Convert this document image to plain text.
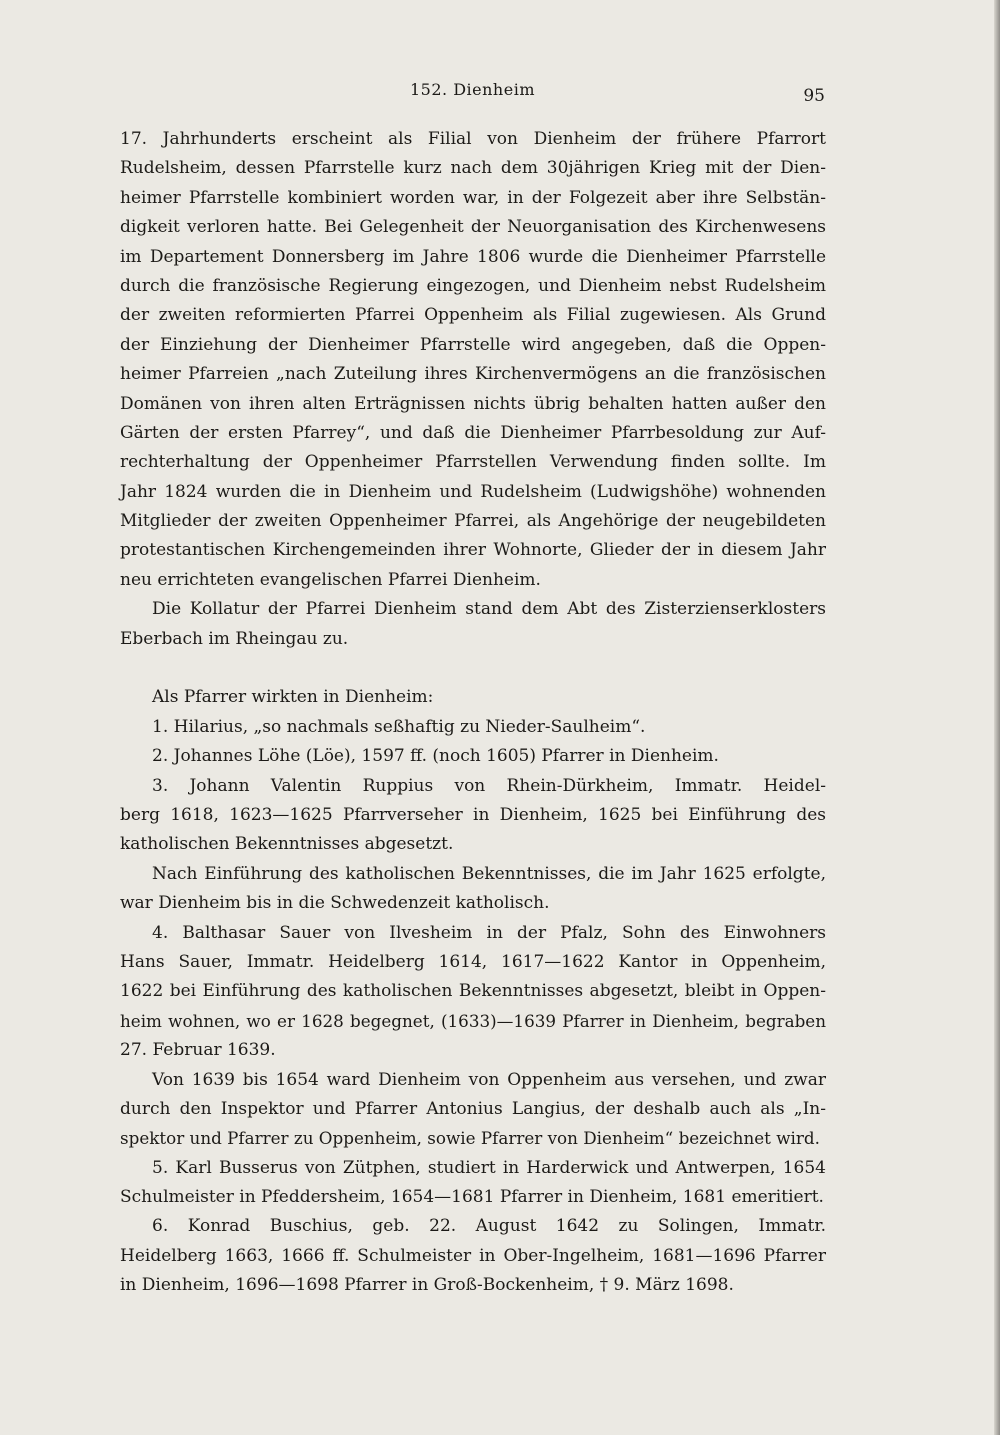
152. Dienheim	95
17. Jahrhunderts erscheint als Filial von Dienheim der frühere Pfarrort
Rudelsheim, dessen Pfarrstelle kurz nach dem 30jährigen Krieg mit der Dien-
heimer Pfarrstelle kombiniert worden war, in der Folgezeit aber ihre Selbstän-
digkeit verloren hatte. Bei Gelegenheit der Neuorganisation des Kirchenwesens
im Departement Donnersberg im Jahre 1806 wurde die Dienheimer Pfarrstelle
durch die französische Regierung eingezogen, und Dienheim nebst Rudelsheim
der zweiten reformierten Pfarrei Oppenheim als Filial zugewiesen. Als Grund
der Einziehung der Dienheimer Pfarrstelle wird angegeben, daß die Oppen-
heimer Pfarreien „nach Zuteilung ihres Kirchenvermögens an die französischen
Domänen von ihren alten Erträgnissen nichts übrig behalten hatten außer den
Gärten der ersten Pfarrey“, und daß die Dienheimer Pfarrbesoldung zur Auf-
rechterhaltung der Oppenheimer Pfarrstellen Verwendung finden sollte. Im
Jahr 1824 wurden die in Dienheim und Rudelsheim (Ludwigshöhe) wohnenden
Mitglieder der zweiten Oppenheimer Pfarrei, als Angehörige der neugebildeten
protestantischen Kirchengemeinden ihrer Wohnorte, Glieder der in diesem Jahr
neu errichteten evangelischen Pfarrei Dienheim.
Die Kollatur der Pfarrei Dienheim stand dem Abt des Zisterzienserklosters
Eberbach im Rheingau zu.
Als Pfarrer wirkten in Dienheim:
1. Hilarius, „so nachmals seßhaftig zu Nieder-Saulheim“.
2. Johannes Löhe (Löe), 1597 ff. (noch 1605) Pfarrer in Dienheim.
3. Johann Valentin Ruppius von Rhein-Dürkheim, Immatr. Heidel-
berg 1618, 1623—1625 Pfarrverseher in Dienheim, 1625 bei Einführung des
katholischen Bekenntnisses abgesetzt.
Nach Einführung des katholischen Bekenntnisses, die im Jahr 1625 erfolgte,
war Dienheim bis in die Schwedenzeit katholisch.
4. Balthasar Sauer von Ilvesheim in der Pfalz, Sohn des Einwohners
Hans Sauer, Immatr. Heidelberg 1614, 1617—1622 Kantor in Oppenheim,
1622 bei Einführung des katholischen Bekenntnisses abgesetzt, bleibt in Oppen-
heim wohnen, wo er 1628 begegnet, (1633)—1639 Pfarrer in Dienheim, begraben
27. Februar 1639.
Von 1639 bis 1654 ward Dienheim von Oppenheim aus versehen, und zwar
durch den Inspektor und Pfarrer Antonius Langius, der deshalb auch als „In-
spektor und Pfarrer zu Oppenheim, sowie Pfarrer von Dienheim“ bezeichnet wird.
5. Karl Busserus von Zütphen, studiert in Harderwick und Antwerpen, 1654
Schulmeister in Pfeddersheim, 1654—1681 Pfarrer in Dienheim, 1681 emeritiert.
6. Konrad Buschius, geb. 22. August 1642 zu Solingen, Immatr.
Heidelberg 1663, 1666 ff. Schulmeister in Ober-Ingelheim, 1681—1696 Pfarrer
in Dienheim, 1696—1698 Pfarrer in Groß-Bockenheim, † 9. März 1698.
